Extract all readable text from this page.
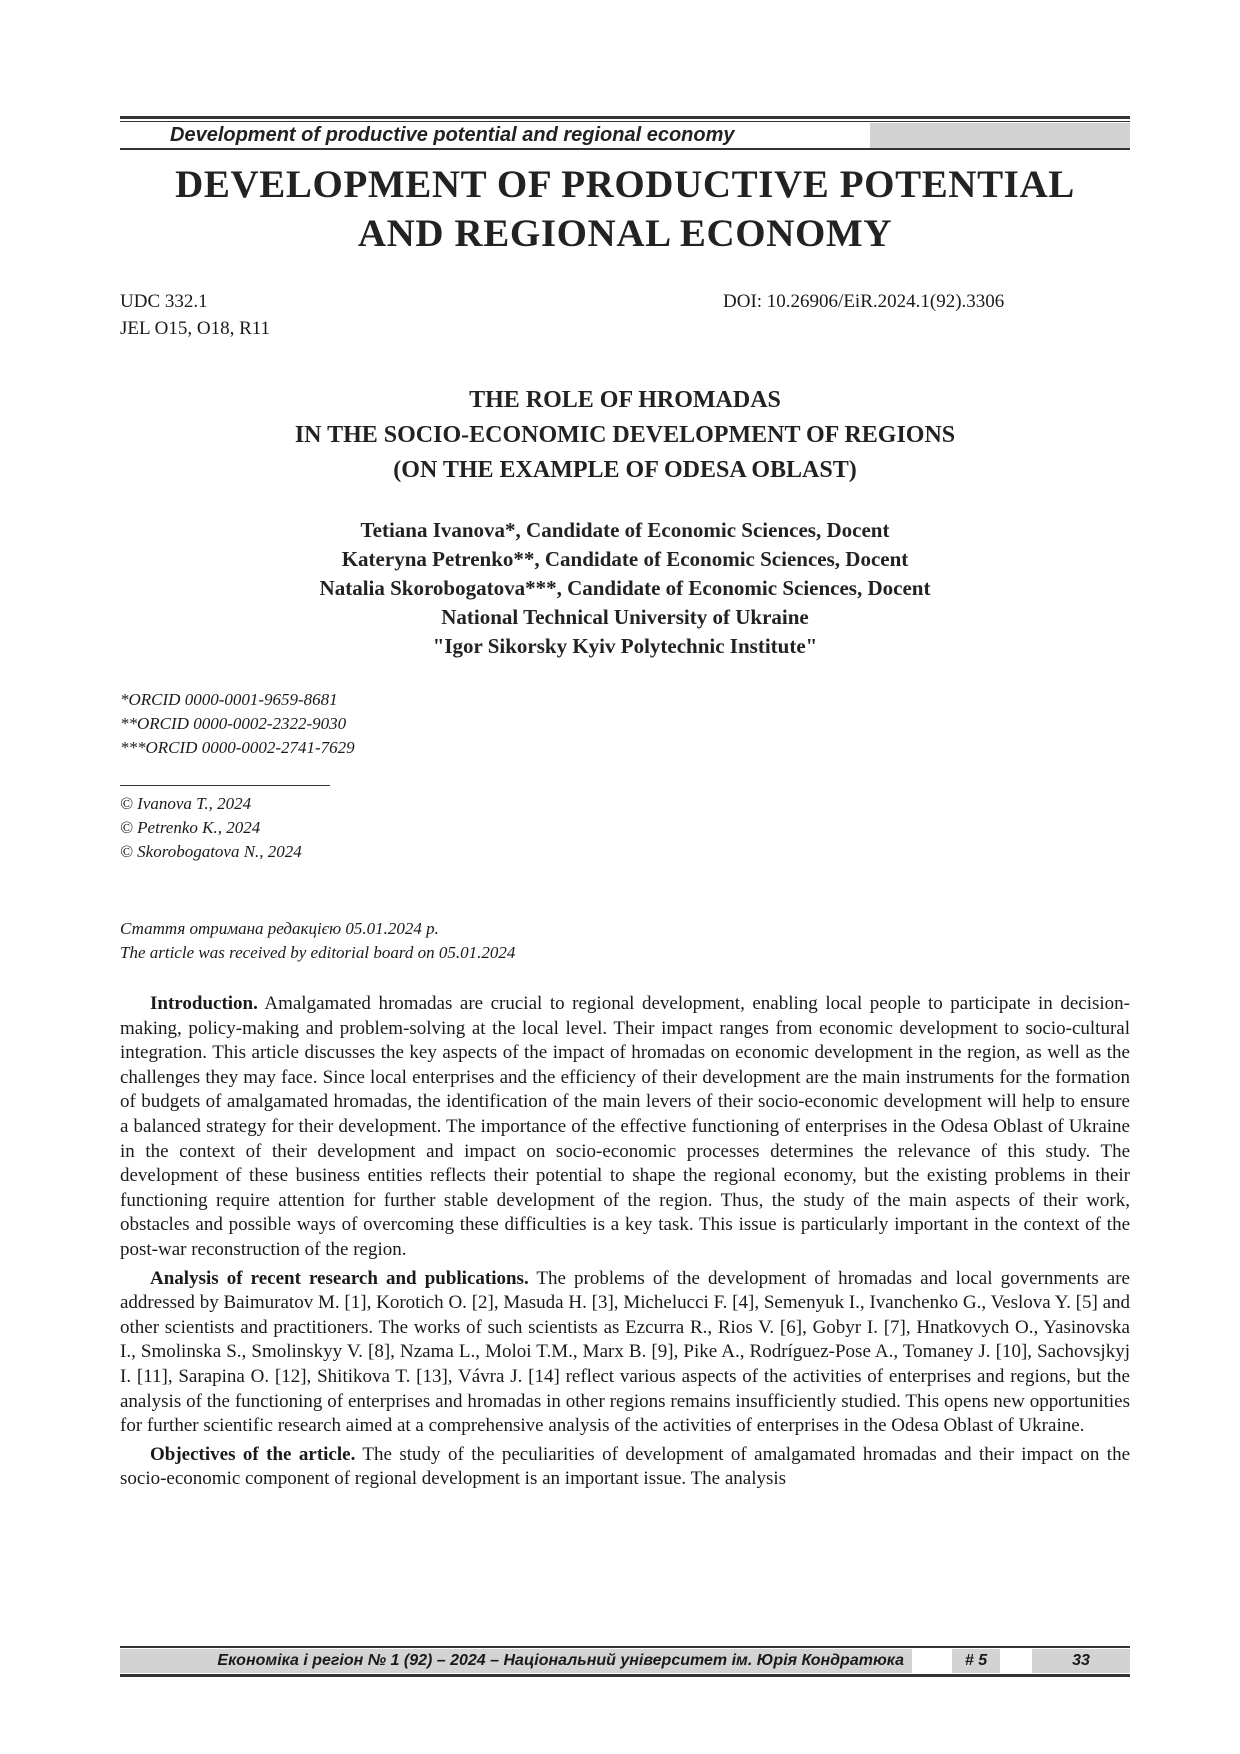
Development of productive potential and regional economy
DEVELOPMENT OF PRODUCTIVE POTENTIAL
AND REGIONAL ECONOMY
UDC 332.1
JEL O15, O18, R11
DOI: 10.26906/EiR.2024.1(92).3306
THE ROLE OF HROMADAS
IN THE SOCIO-ECONOMIC DEVELOPMENT OF REGIONS
(ON THE EXAMPLE OF ODESA OBLAST)
Tetiana Ivanova*, Candidate of Economic Sciences, Docent
Kateryna Petrenko**, Candidate of Economic Sciences, Docent
Natalia Skorobogatova***, Candidate of Economic Sciences, Docent
National Technical University of Ukraine
"Igor Sikorsky Kyiv Polytechnic Institute"
*ORCID 0000-0001-9659-8681
**ORCID 0000-0002-2322-9030
***ORCID 0000-0002-2741-7629
© Ivanova T., 2024
© Petrenko K., 2024
© Skorobogatova N., 2024
Стаття отримана редакцією 05.01.2024 р.
The article was received by editorial board on 05.01.2024

Introduction. Amalgamated hromadas are crucial to regional development, enabling local people to participate in decision-making, policy-making and problem-solving at the local level. Their impact ranges from economic development to socio-cultural integration. This article discusses the key aspects of the impact of hromadas on economic development in the region, as well as the challenges they may face. Since local enterprises and the efficiency of their development are the main instruments for the formation of budgets of amalgamated hromadas, the identification of the main levers of their socio-economic development will help to ensure a balanced strategy for their development. The importance of the effective functioning of enterprises in the Odesa Oblast of Ukraine in the context of their development and impact on socio-economic processes determines the relevance of this study. The development of these business entities reflects their potential to shape the regional economy, but the existing problems in their functioning require attention for further stable development of the region. Thus, the study of the main aspects of their work, obstacles and possible ways of overcoming these difficulties is a key task. This issue is particularly important in the context of the post-war reconstruction of the region.

Analysis of recent research and publications. The problems of the development of hromadas and local governments are addressed by Baimuratov M. [1], Korotich O. [2], Masuda H. [3], Michelucci F. [4], Semenyuk I., Ivanchenko G., Veslova Y. [5] and other scientists and practitioners. The works of such scientists as Ezcurra R., Rios V. [6], Gobyr I. [7], Hnatkovych O., Yasinovska I., Smolinska S., Smolinskyy V. [8], Nzama L., Moloi T.M., Marx B. [9], Pike A., Rodríguez-Pose A., Tomaney J. [10], Sachovsjkyj I. [11], Sarapina O. [12], Shitikova T. [13], Vávra J. [14] reflect various aspects of the activities of enterprises and regions, but the analysis of the functioning of enterprises and hromadas in other regions remains insufficiently studied. This opens new opportunities for further scientific research aimed at a comprehensive analysis of the activities of enterprises in the Odesa Oblast of Ukraine.

Objectives of the article. The study of the peculiarities of development of amalgamated hromadas and their impact on the socio-economic component of regional development is an important issue. The analysis

Економіка і регіон № 1 (92) – 2024 – Національний університет ім. Юрія Кондратюка	# 5	33
